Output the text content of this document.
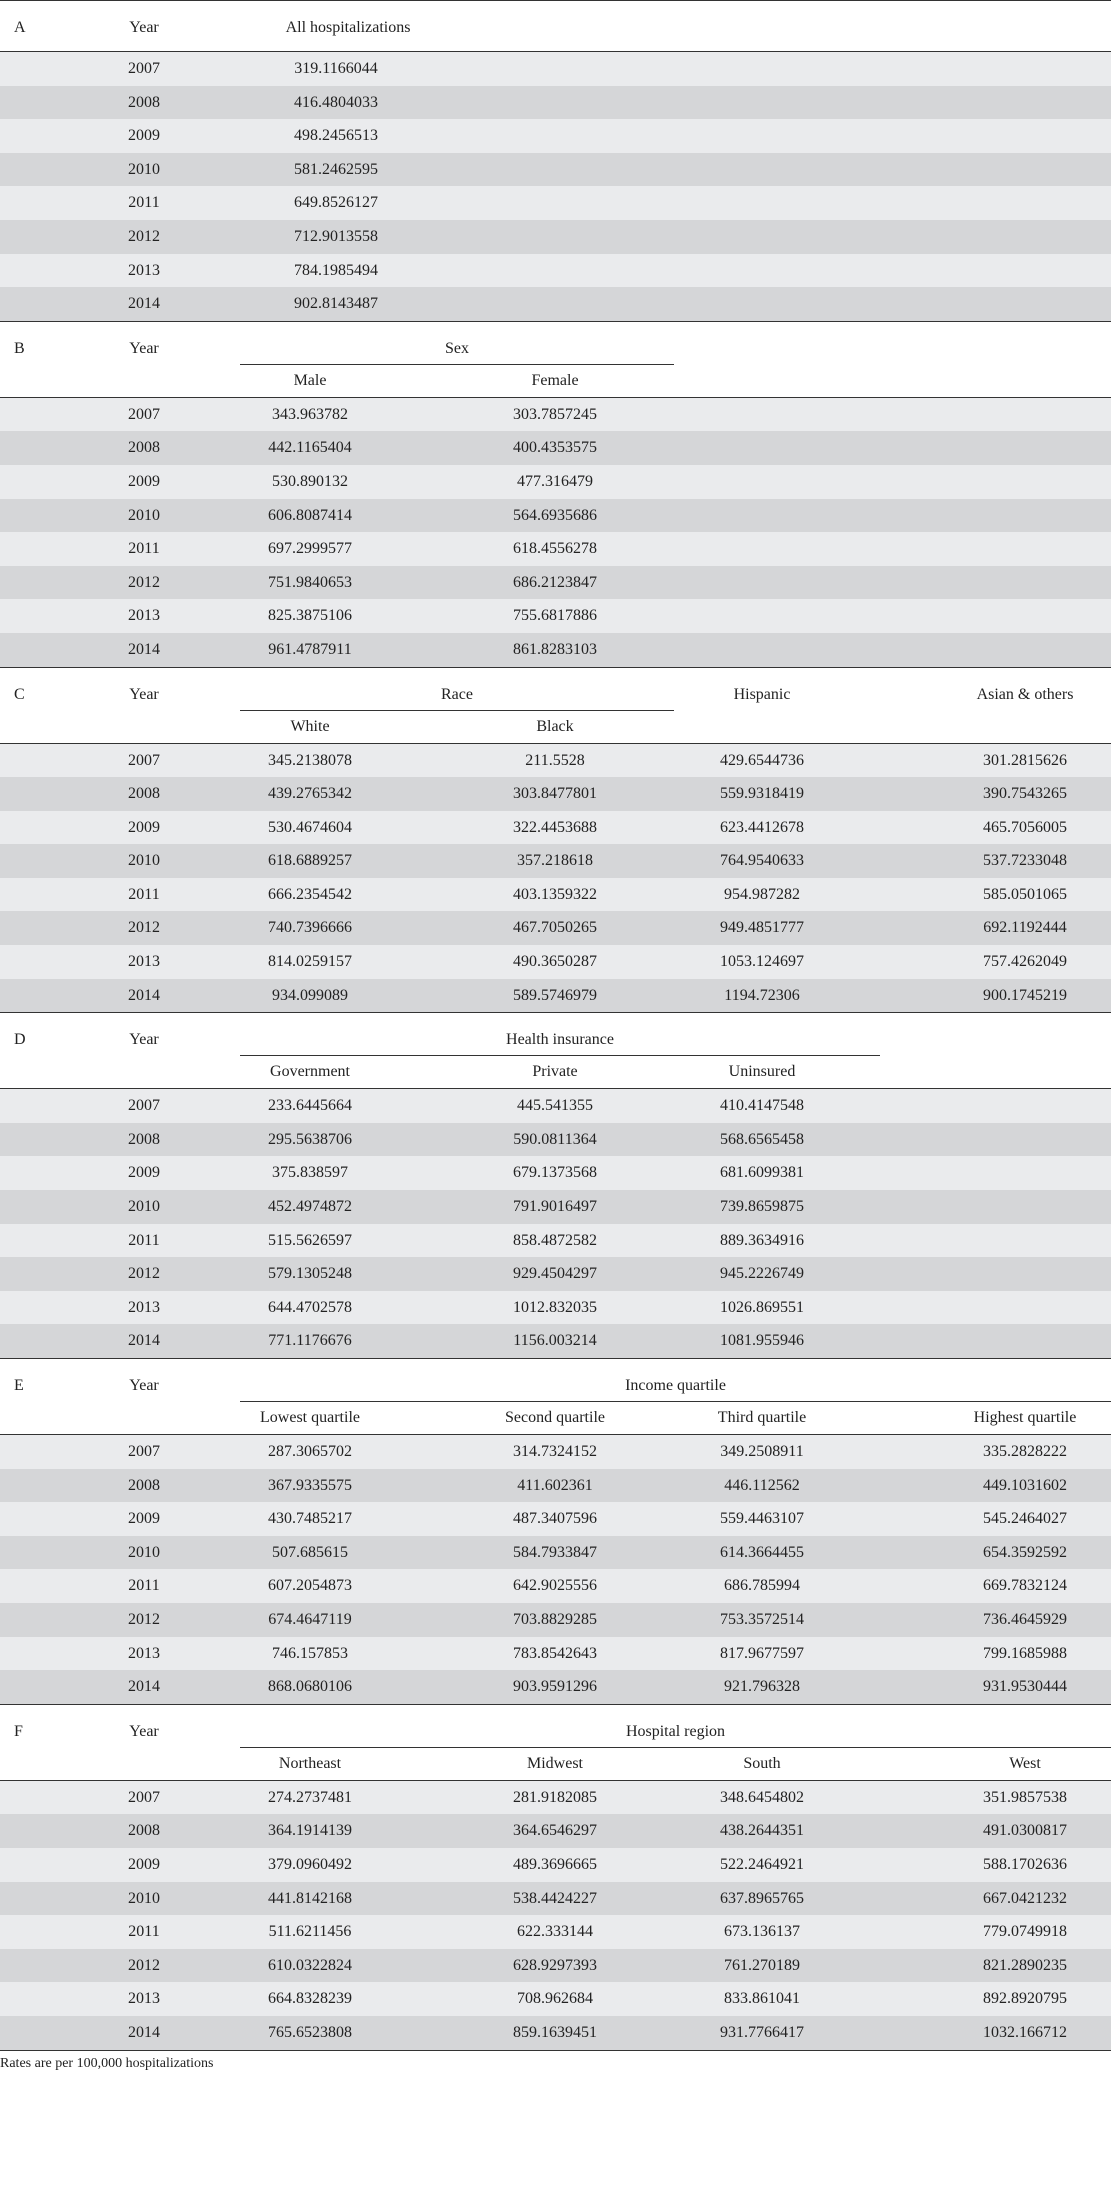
A	Year	All hospitalizations
2007	319.1166044
2008	416.4804033
2009	498.2456513
2010	581.2462595
2011	649.8526127
2012	712.9013558
2013	784.1985494
2014	902.8143487
B	Year	Sex
Male	Female
2007	343.963782	303.7857245
2008	442.1165404	400.4353575
2009	530.890132	477.316479
2010	606.8087414	564.6935686
2011	697.2999577	618.4556278
2012	751.9840653	686.2123847
2013	825.3875106	755.6817886
2014	961.4787911	861.8283103
C	Year	Race
White	Black
Hispanic	Asian & others
2007	345.2138078	211.5528	429.6544736	301.2815626
2008	439.2765342	303.8477801	559.9318419	390.7543265
2009	530.4674604	322.4453688	623.4412678	465.7056005
2010	618.6889257	357.218618	764.9540633	537.7233048
2011	666.2354542	403.1359322	954.987282	585.0501065
2012	740.7396666	467.7050265	949.4851777	692.1192444
2013	814.0259157	490.3650287	1053.124697	757.4262049
2014	934.099089	589.5746979	1194.72306	900.1745219
D	Year	Health insurance
Government	Private	Uninsured
2007	233.6445664	445.541355	410.4147548
2008	295.5638706	590.0811364	568.6565458
2009	375.838597	679.1373568	681.6099381
2010	452.4974872	791.9016497	739.8659875
2011	515.5626597	858.4872582	889.3634916
2012	579.1305248	929.4504297	945.2226749
2013	644.4702578	1012.832035	1026.869551
2014	771.1176676	1156.003214	1081.955946
E	Year	Income quartile
Lowest quartile	Second quartile	Third quartile	Highest quartile
2007	287.3065702	314.7324152	349.2508911	335.2828222
2008	367.9335575	411.602361	446.112562	449.1031602
2009	430.7485217	487.3407596	559.4463107	545.2464027
2010	507.685615	584.7933847	614.3664455	654.3592592
2011	607.2054873	642.9025556	686.785994	669.7832124
2012	674.4647119	703.8829285	753.3572514	736.4645929
2013	746.157853	783.8542643	817.9677597	799.1685988
2014	868.0680106	903.9591296	921.796328	931.9530444
F	Year	Hospital region
Northeast	Midwest	South	West
2007	274.2737481	281.9182085	348.6454802	351.9857538
2008	364.1914139	364.6546297	438.2644351	491.0300817
2009	379.0960492	489.3696665	522.2464921	588.1702636
2010	441.8142168	538.4424227	637.8965765	667.0421232
2011	511.6211456	622.333144	673.136137	779.0749918
2012	610.0322824	628.9297393	761.270189	821.2890235
2013	664.8328239	708.962684	833.861041	892.8920795
2014	765.6523808	859.1639451	931.7766417	1032.166712
Rates are per 100,000 hospitalizations
